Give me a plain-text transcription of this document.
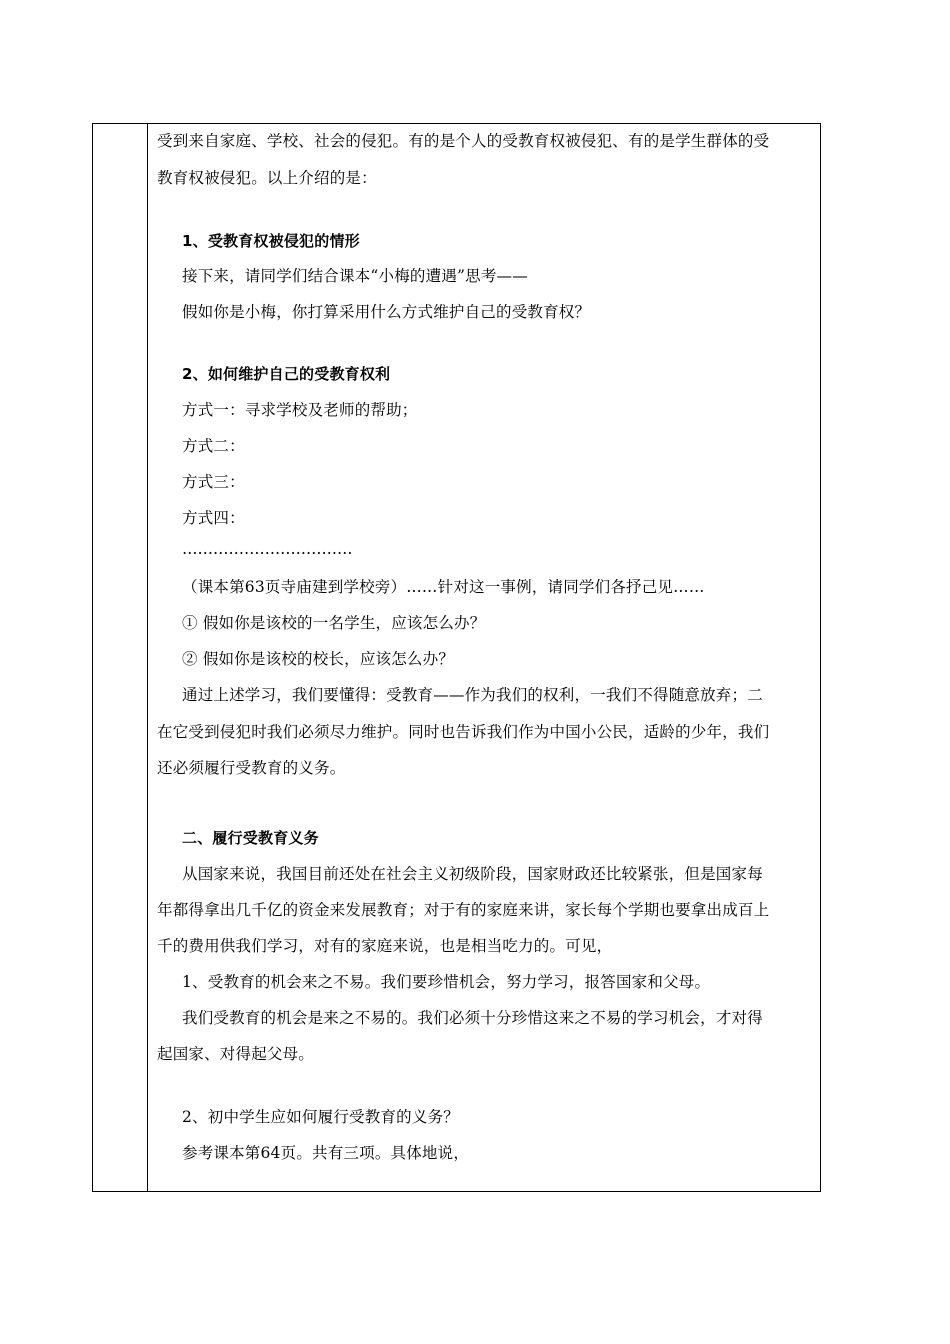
受到来自家庭、学校、社会的侵犯。有的是个人的受教育权被侵犯、有的是学生群体的受
教育权被侵犯。以上介绍的是：
1、受教育权被侵犯的情形
接下来，请同学们结合课本“小梅的遭遇”思考——
假如你是小梅，你打算采用什么方式维护自己的受教育权？
2、如何维护自己的受教育权利
方式一：寻求学校及老师的帮助；
方式二：
方式三：
方式四：
……………………………
（课本第63页寺庙建到学校旁）……针对这一事例，请同学们各抒己见……
① 假如你是该校的一名学生，应该怎么办？
② 假如你是该校的校长，应该怎么办？
通过上述学习，我们要懂得：受教育——作为我们的权利，一我们不得随意放弃；二
在它受到侵犯时我们必须尽力维护。同时也告诉我们作为中国小公民，适龄的少年，我们
还必须履行受教育的义务。
二、履行受教育义务
从国家来说，我国目前还处在社会主义初级阶段，国家财政还比较紧张，但是国家每
年都得拿出几千亿的资金来发展教育；对于有的家庭来讲，家长每个学期也要拿出成百上
千的费用供我们学习，对有的家庭来说，也是相当吃力的。可见，
1、受教育的机会来之不易。我们要珍惜机会，努力学习，报答国家和父母。
我们受教育的机会是来之不易的。我们必须十分珍惜这来之不易的学习机会，才对得
起国家、对得起父母。
2、初中学生应如何履行受教育的义务？
参考课本第64页。共有三项。具体地说，
